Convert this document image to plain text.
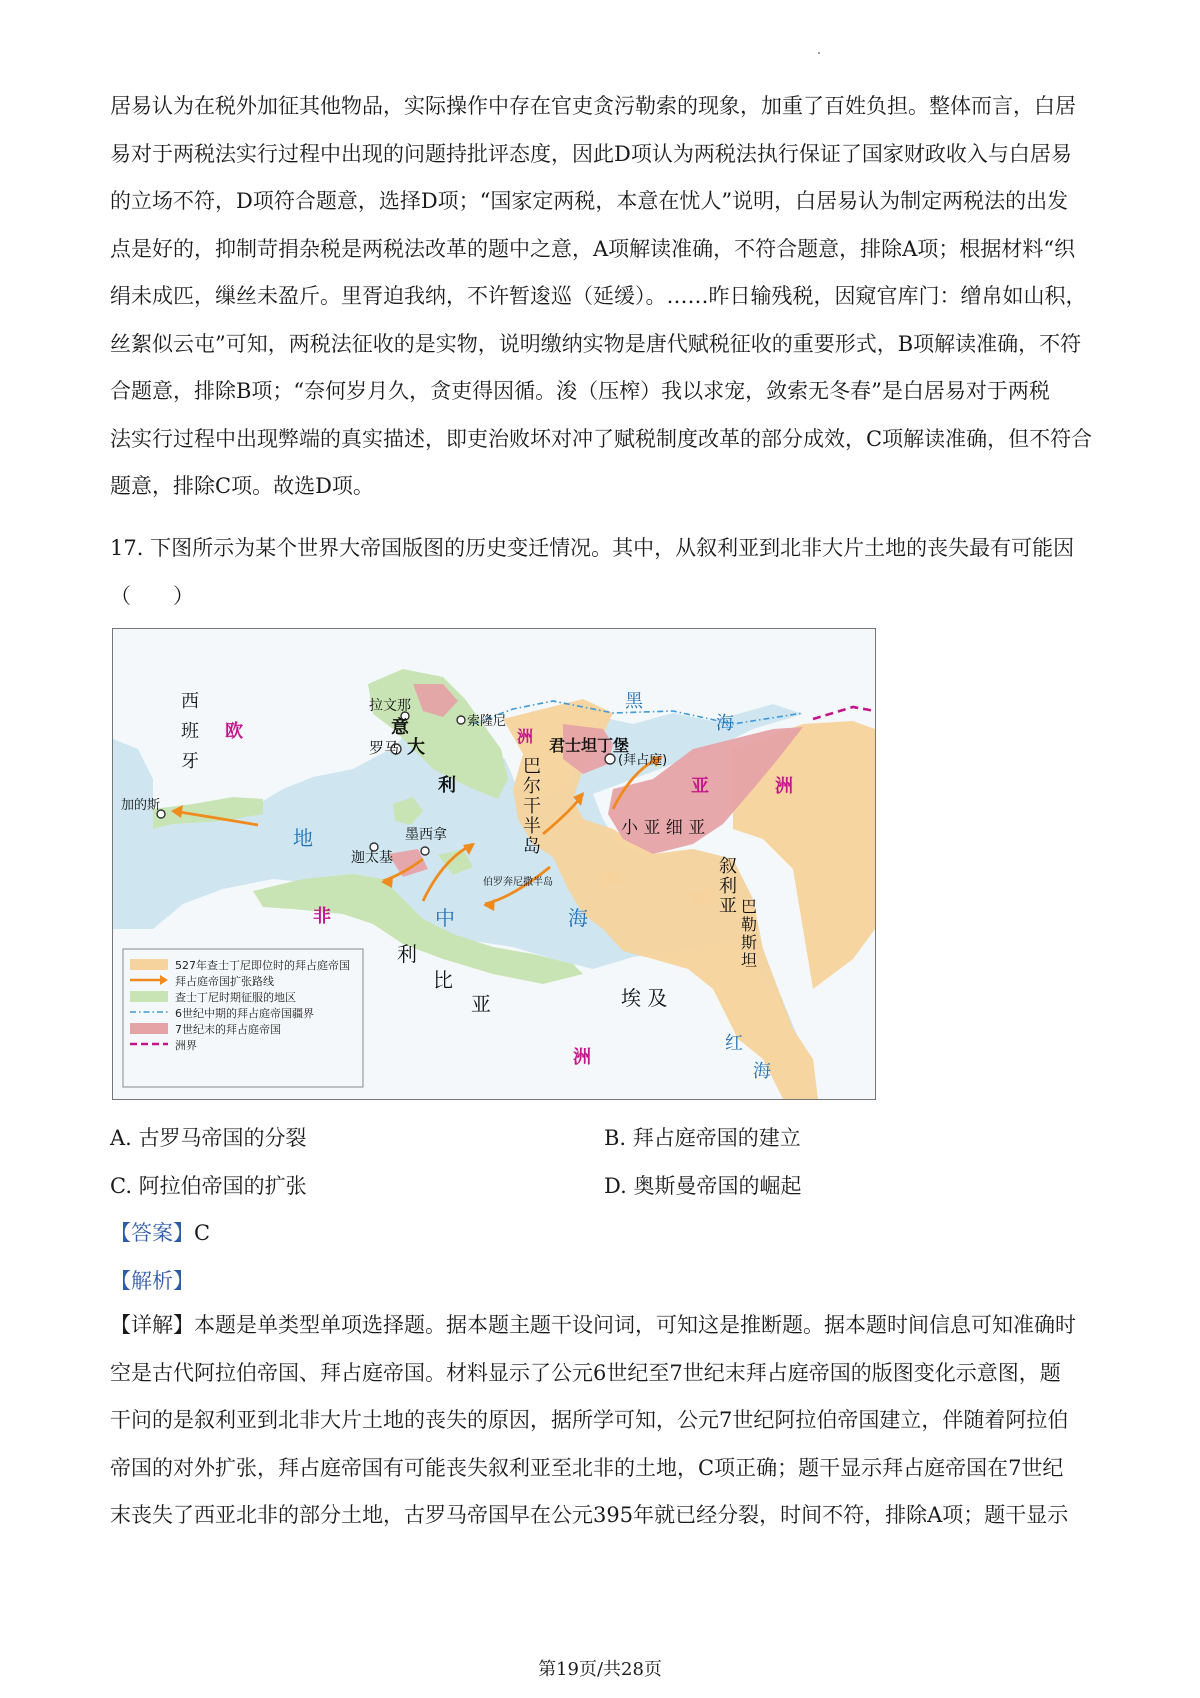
居易认为在税外加征其他物品，实际操作中存在官吏贪污勒索的现象，加重了百姓负担。整体而言，白居
易对于两税法实行过程中出现的问题持批评态度，因此D项认为两税法执行保证了国家财政收入与白居易
的立场不符，D项符合题意，选择D项；“国家定两税，本意在忧人”说明，白居易认为制定两税法的出发
点是好的，抑制苛捐杂税是两税法改革的题中之意，A项解读准确，不符合题意，排除A项；根据材料“织
绢未成匹，缫丝未盈斤。里胥迫我纳，不许暂逡巡（延缓）。……昨日输残税，因窥官库门：缯帛如山积，
丝絮似云屯”可知，两税法征收的是实物，说明缴纳实物是唐代赋税征收的重要形式，B项解读准确，不符
合题意，排除B项；“奈何岁月久，贪吏得因循。浚（压榨）我以求宠，敛索无冬春”是白居易对于两税
法实行过程中出现弊端的真实描述，即吏治败坏对冲了赋税制度改革的部分成效，C项解读准确，但不符合
题意，排除C项。故选D项。
17. 下图所示为某个世界大帝国版图的历史变迁情况。其中，从叙利亚到北非大片土地的丧失最有可能因
（　　）
西
班
牙
欧	洲
拉文那
索隆尼
罗马
意
大
利
巴
尔
干
半
岛
君士坦丁堡
(拜占庭)
黑
海
亚	洲
小 亚 细 亚
加的斯
地
中	海
迦太基
墨西拿
伯罗奔尼撒半岛
叙
利
亚 巴
勒
斯
坦
非
洲
利
比
亚	埃 及
红
海
527年查士丁尼即位时的拜占庭帝国
拜占庭帝国扩张路线
查士丁尼时期征服的地区
6世纪中期的拜占庭帝国疆界
7世纪末的拜占庭帝国
洲界
A. 古罗马帝国的分裂	B. 拜占庭帝国的建立
C. 阿拉伯帝国的扩张	D. 奥斯曼帝国的崛起
【答案】C
【解析】
【详解】本题是单类型单项选择题。据本题主题干设问词，可知这是推断题。据本题时间信息可知准确时
空是古代阿拉伯帝国、拜占庭帝国。材料显示了公元6世纪至7世纪末拜占庭帝国的版图变化示意图，题
干问的是叙利亚到北非大片土地的丧失的原因，据所学可知，公元7世纪阿拉伯帝国建立，伴随着阿拉伯
帝国的对外扩张，拜占庭帝国有可能丧失叙利亚至北非的土地，C项正确；题干显示拜占庭帝国在7世纪
末丧失了西亚北非的部分土地，古罗马帝国早在公元395年就已经分裂，时间不符，排除A项；题干显示
第19页/共28页
